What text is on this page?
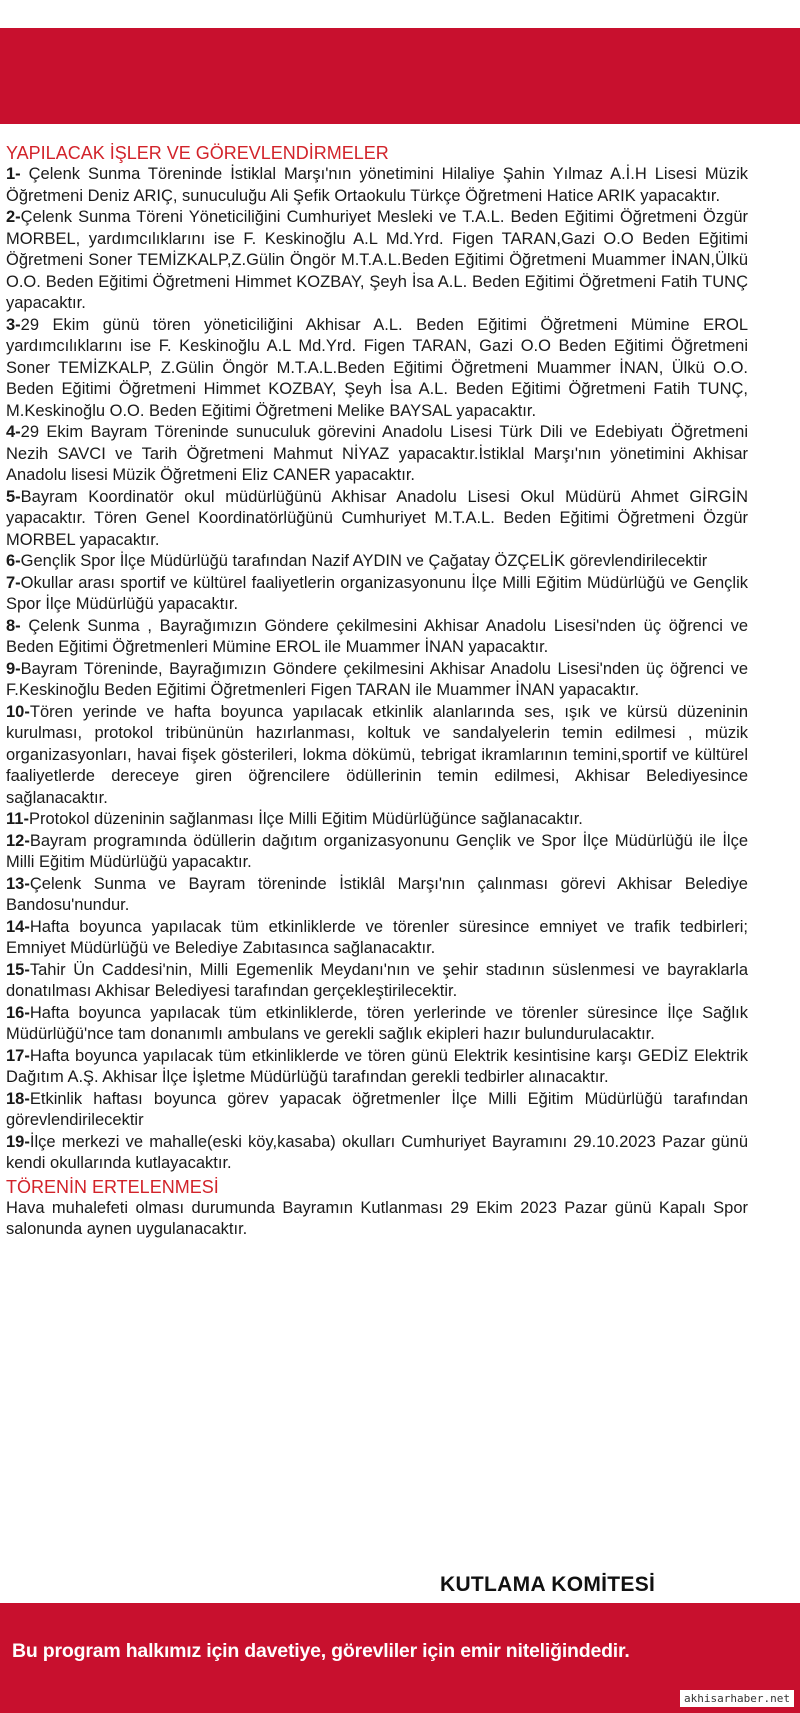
YAPILACAK İŞLER VE GÖREVLENDİRMELER

1- Çelenk Sunma Töreninde İstiklal Marşı'nın yönetimini Hilaliye Şahin Yılmaz A.İ.H Lisesi Müzik Öğretmeni Deniz ARIÇ, sunuculuğu Ali Şefik Ortaokulu Türkçe Öğretmeni Hatice ARIK yapacaktır.

2-Çelenk Sunma Töreni Yöneticiliğini Cumhuriyet Mesleki ve T.A.L. Beden Eğitimi Öğretmeni Özgür MORBEL, yardımcılıklarını ise F. Keskinoğlu A.L Md.Yrd. Figen TARAN,Gazi O.O Beden Eğitimi Öğretmeni Soner TEMİZKALP,Z.Gülin Öngör M.T.A.L.Beden Eğitimi Öğretmeni Muammer İNAN,Ülkü O.O. Beden Eğitimi Öğretmeni Himmet KOZBAY, Şeyh İsa A.L. Beden Eğitimi Öğretmeni Fatih TUNÇ yapacaktır.

3-29 Ekim günü tören yöneticiliğini Akhisar A.L. Beden Eğitimi Öğretmeni Mümine EROL yardımcılıklarını ise F. Keskinoğlu A.L Md.Yrd. Figen TARAN, Gazi O.O Beden Eğitimi Öğretmeni Soner TEMİZKALP, Z.Gülin Öngör M.T.A.L.Beden Eğitimi Öğretmeni Muammer İNAN, Ülkü O.O. Beden Eğitimi Öğretmeni Himmet KOZBAY, Şeyh İsa A.L. Beden Eğitimi Öğretmeni Fatih TUNÇ, M.Keskinoğlu O.O. Beden Eğitimi Öğretmeni Melike BAYSAL yapacaktır.

4-29 Ekim Bayram Töreninde sunuculuk görevini Anadolu Lisesi Türk Dili ve Edebiyatı Öğretmeni Nezih SAVCI ve Tarih Öğretmeni Mahmut NİYAZ yapacaktır.İstiklal Marşı'nın yönetimini Akhisar Anadolu lisesi Müzik Öğretmeni Eliz CANER yapacaktır.

5-Bayram Koordinatör okul müdürlüğünü Akhisar Anadolu Lisesi Okul Müdürü Ahmet GİRGİN yapacaktır. Tören Genel Koordinatörlüğünü Cumhuriyet M.T.A.L. Beden Eğitimi Öğretmeni Özgür MORBEL yapacaktır.

6-Gençlik Spor İlçe Müdürlüğü tarafından Nazif AYDIN ve Çağatay ÖZÇELİK görevlendirilecektir

7-Okullar arası sportif ve kültürel faaliyetlerin organizasyonunu İlçe Milli Eğitim Müdürlüğü ve Gençlik Spor İlçe Müdürlüğü yapacaktır.

8- Çelenk Sunma , Bayrağımızın Göndere çekilmesini Akhisar Anadolu Lisesi'nden üç öğrenci ve Beden Eğitimi Öğretmenleri Mümine EROL ile Muammer İNAN yapacaktır.

9-Bayram Töreninde, Bayrağımızın Göndere çekilmesini Akhisar Anadolu Lisesi'nden üç öğrenci ve F.Keskinoğlu Beden Eğitimi Öğretmenleri Figen TARAN ile Muammer İNAN yapacaktır.

10-Tören yerinde ve hafta boyunca yapılacak etkinlik alanlarında ses, ışık ve kürsü düzeninin kurulması, protokol tribününün hazırlanması, koltuk ve sandalyelerin temin edilmesi , müzik organizasyonları, havai fişek gösterileri, lokma dökümü, tebrigat ikramlarının temini,sportif ve kültürel faaliyetlerde dereceye giren öğrencilere ödüllerinin temin edilmesi, Akhisar Belediyesince sağlanacaktır.

11-Protokol düzeninin sağlanması İlçe Milli Eğitim Müdürlüğünce sağlanacaktır.

12-Bayram programında ödüllerin dağıtım organizasyonunu Gençlik ve Spor İlçe Müdürlüğü ile İlçe Milli Eğitim Müdürlüğü yapacaktır.

13-Çelenk Sunma ve Bayram töreninde İstiklâl Marşı'nın çalınması görevi Akhisar Belediye Bandosu'nundur.

14-Hafta boyunca yapılacak tüm etkinliklerde ve törenler süresince emniyet ve trafik tedbirleri; Emniyet Müdürlüğü ve Belediye Zabıtasınca sağlanacaktır.

15-Tahir Ün Caddesi'nin, Milli Egemenlik Meydanı'nın ve şehir stadının süslenmesi ve bayraklarla donatılması Akhisar Belediyesi tarafından gerçekleştirilecektir.

16-Hafta boyunca yapılacak tüm etkinliklerde, tören yerlerinde ve törenler süresince İlçe Sağlık Müdürlüğü'nce tam donanımlı ambulans ve gerekli sağlık ekipleri hazır bulundurulacaktır.

17-Hafta boyunca yapılacak tüm etkinliklerde ve tören günü Elektrik kesintisine karşı GEDİZ Elektrik Dağıtım A.Ş. Akhisar İlçe İşletme Müdürlüğü tarafından gerekli tedbirler alınacaktır.

18-Etkinlik haftası boyunca görev yapacak öğretmenler İlçe Milli Eğitim Müdürlüğü tarafından görevlendirilecektir

19-İlçe merkezi ve mahalle(eski köy,kasaba) okulları Cumhuriyet Bayramını 29.10.2023 Pazar günü kendi okullarında kutlayacaktır.

TÖRENİN ERTELENMESİ

Hava muhalefeti olması durumunda Bayramın Kutlanması 29 Ekim 2023 Pazar günü Kapalı Spor salonunda aynen uygulanacaktır.

KUTLAMA KOMİTESİ
Bu program halkımız için davetiye, görevliler için emir niteliğindedir.
akhisarhaber.net
